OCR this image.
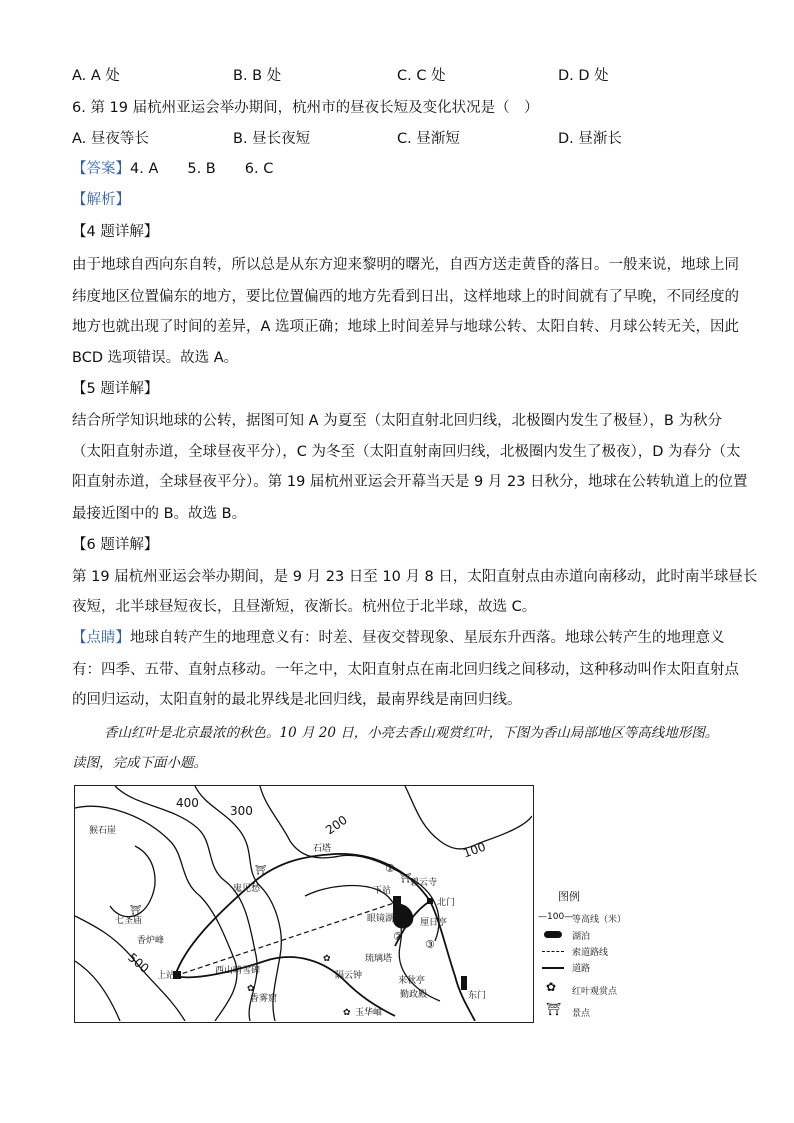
A. A 处	B. B 处	C. C 处	D. D 处
6. 第 19 届杭州亚运会举办期间，杭州市的昼夜长短及变化状况是（　）
A. 昼夜等长	B. 昼长夜短	C. 昼渐短	D. 昼渐长
【答案】4. A　　5. B　　6. C
【解析】
【4 题详解】
由于地球自西向东自转，所以总是从东方迎来黎明的曙光，自西方送走黄昏的落日。一般来说，地球上同
纬度地区位置偏东的地方，要比位置偏西的地方先看到日出，这样地球上的时间就有了早晚，不同经度的
地方也就出现了时间的差异，A 选项正确；地球上时间差异与地球公转、太阳自转、月球公转无关，因此
BCD 选项错误。故选 A。
【5 题详解】
结合所学知识地球的公转，据图可知 A 为夏至（太阳直射北回归线，北极圈内发生了极昼），B 为秋分
（太阳直射赤道，全球昼夜平分），C 为冬至（太阳直射南回归线，北极圈内发生了极夜），D 为春分（太
阳直射赤道，全球昼夜平分）。第 19 届杭州亚运会开幕当天是 9 月 23 日秋分，地球在公转轨道上的位置
最接近图中的 B。故选 B。
【6 题详解】
第 19 届杭州亚运会举办期间，是 9 月 23 日至 10 月 8 日，太阳直射点由赤道向南移动，此时南半球昼长
夜短，北半球昼短夜长，且昼渐短，夜渐长。杭州位于北半球，故选 C。
【点睛】地球自转产生的地理意义有：时差、昼夜交替现象、星辰东升西落。地球公转产生的地理意义
有：四季、五带、直射点移动。一年之中，太阳直射点在南北回归线之间移动，这种移动叫作太阳直射点
的回归运动，太阳直射的最北界线是北回归线，最南界线是南回归线。
香山红叶是北京最浓的秋色。10 月 20 日，小亮去香山观赏红叶，下图为香山局部地区等高线地形图。
读图，完成下面小题。
400
300
200
100
500
猴石崖
石塔
碧云寺
下站
北门
眼镜湖	厘日亭
七圣庙
香炉峰
上站	西山晴雪碑
琉璃塔
隔云钟	来秋亭
勤政殿	东门
香雾窟
玉华岫
鬼见愁
①
②
③
⛩
⛩
⛩
✿
✿
✿
图例
—100—
等高线（米）
湖泊
索道路线
道路
✿ 红叶观赏点
⛩ 景点
